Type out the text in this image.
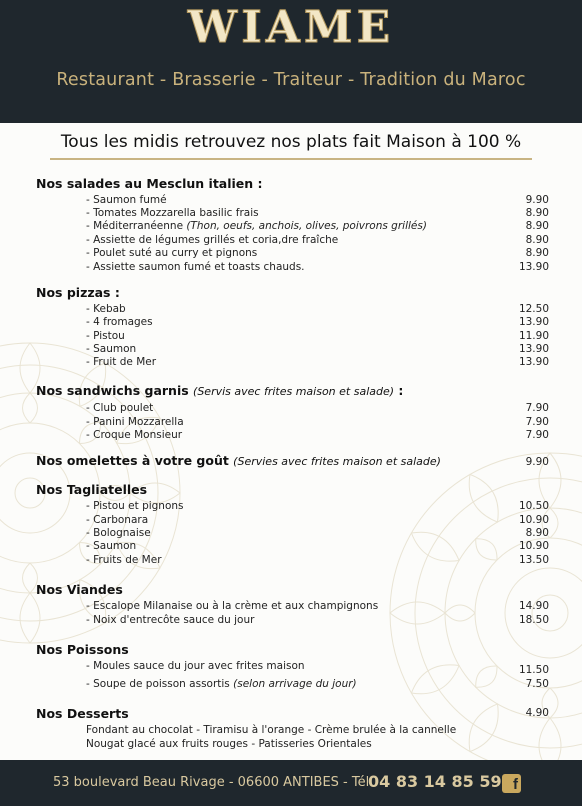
WIAME
Restaurant - Brasserie - Traiteur - Tradition du Maroc
Tous les midis retrouvez nos plats fait Maison à 100 %
Nos salades au Mesclun italien :
- Saumon fumé	9.90
- Tomates Mozzarella basilic frais	8.90
- Méditerranéenne (Thon, oeufs, anchois, olives, poivrons grillés)	8.90
- Assiette de légumes grillés et coria,dre fraîche	8.90
- Poulet suté au curry et pignons	8.90
- Assiette saumon fumé et toasts chauds.	13.90
Nos pizzas :
- Kebab	12.50
- 4 fromages	13.90
- Pistou	11.90
- Saumon	13.90
- Fruit de Mer	13.90
Nos sandwichs garnis (Servis avec frites maison et salade) :
- Club poulet	7.90
- Panini Mozzarella	7.90
- Croque Monsieur	7.90
Nos omelettes à votre goût (Servies avec frites maison et salade)	9.90
Nos Tagliatelles
- Pistou et pignons	10.50
- Carbonara	10.90
- Bolognaise	8.90
- Saumon	10.90
- Fruits de Mer	13.50
Nos Viandes
- Escalope Milanaise ou à la crème et aux champignons	14.90
- Noix d'entrecôte sauce du jour	18.50
Nos Poissons
- Moules sauce du jour avec frites maison	11.50
- Soupe de poisson assortis (selon arrivage du jour)	7.50
Nos Desserts	4.90
Fondant au chocolat - Tiramisu à l'orange - Crème brulée à la cannelle
Nougat glacé aux fruits rouges - Patisseries Orientales
53 boulevard Beau Rivage - 06600 ANTIBES - Tél.
04 83 14 85 59 f
